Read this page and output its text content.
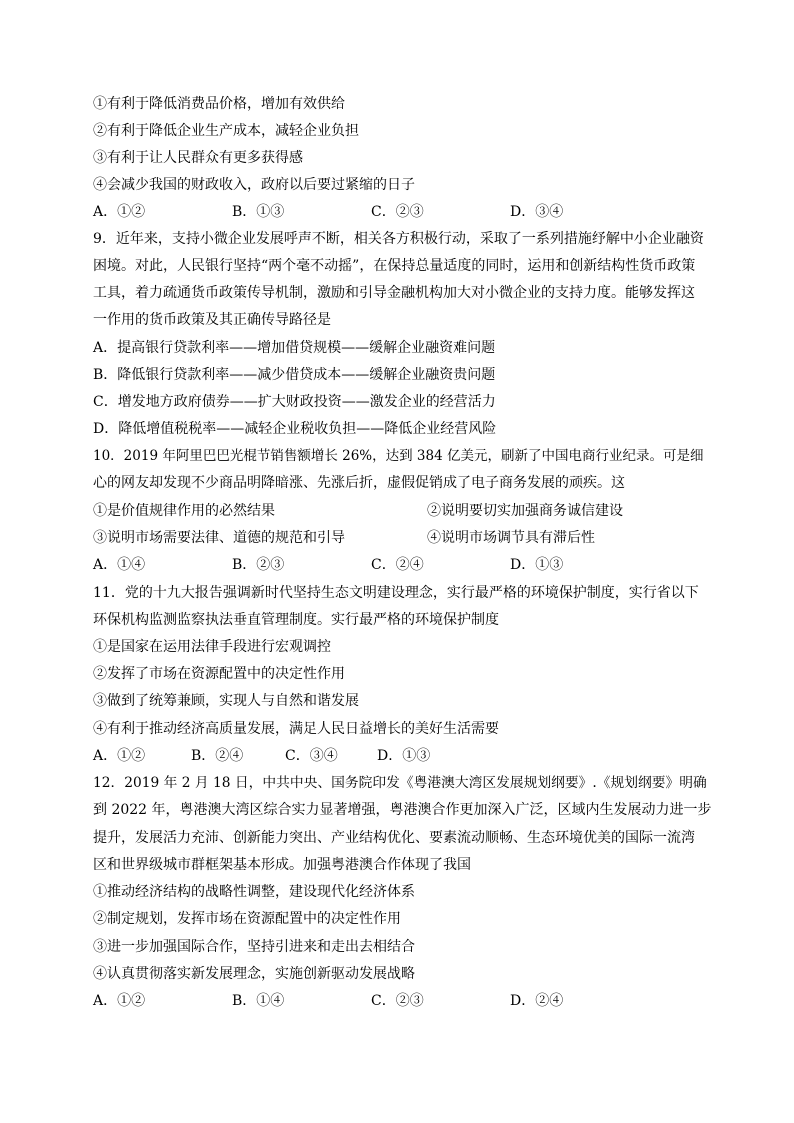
①有利于降低消费品价格，增加有效供给
②有利于降低企业生产成本，减轻企业负担
③有利于让人民群众有更多获得感
④会减少我国的财政收入，政府以后要过紧缩的日子
A．①②	B．①③	C．②③	D．③④
9．近年来，支持小微企业发展呼声不断，相关各方积极行动，采取了一系列措施纾解中小企业融资
困境。对此，人民银行坚持“两个毫不动摇”，在保持总量适度的同时，运用和创新结构性货币政策
工具，着力疏通货币政策传导机制，激励和引导金融机构加大对小微企业的支持力度。能够发挥这
一作用的货币政策及其正确传导路径是
A．提高银行贷款利率——增加借贷规模——缓解企业融资难问题
B．降低银行贷款利率——减少借贷成本——缓解企业融资贵问题
C．增发地方政府债券——扩大财政投资——激发企业的经营活力
D．降低增值税税率——减轻企业税收负担——降低企业经营风险
10．2019 年阿里巴巴光棍节销售额增长 26%，达到 384 亿美元，刷新了中国电商行业纪录。可是细
心的网友却发现不少商品明降暗涨、先涨后折，虚假促销成了电子商务发展的顽疾。这
①是价值规律作用的必然结果	②说明要切实加强商务诚信建设
③说明市场需要法律、道德的规范和引导	④说明市场调节具有滞后性
A．①④	B．②③	C．②④	D．①③
11．党的十九大报告强调新时代坚持生态文明建设理念，实行最严格的环境保护制度，实行省以下
环保机构监测监察执法垂直管理制度。实行最严格的环境保护制度
①是国家在运用法律手段进行宏观调控
②发挥了市场在资源配置中的决定性作用
③做到了统筹兼顾，实现人与自然和谐发展
④有利于推动经济高质量发展，满足人民日益增长的美好生活需要
A．①②	B．②④	C．③④	D．①③
12．2019 年 2 月 18 日，中共中央、国务院印发《粤港澳大湾区发展规划纲要》.《规划纲要》明确
到 2022 年，粤港澳大湾区综合实力显著增强，粤港澳合作更加深入广泛，区域内生发展动力进一步
提升，发展活力充沛、创新能力突出、产业结构优化、要素流动顺畅、生态环境优美的国际一流湾
区和世界级城市群框架基本形成。加强粤港澳合作体现了我国
①推动经济结构的战略性调整，建设现代化经济体系
②制定规划，发挥市场在资源配置中的决定性作用
③进一步加强国际合作，坚持引进来和走出去相结合
④认真贯彻落实新发展理念，实施创新驱动发展战略
A．①②	B．①④	C．②③	D．②④
